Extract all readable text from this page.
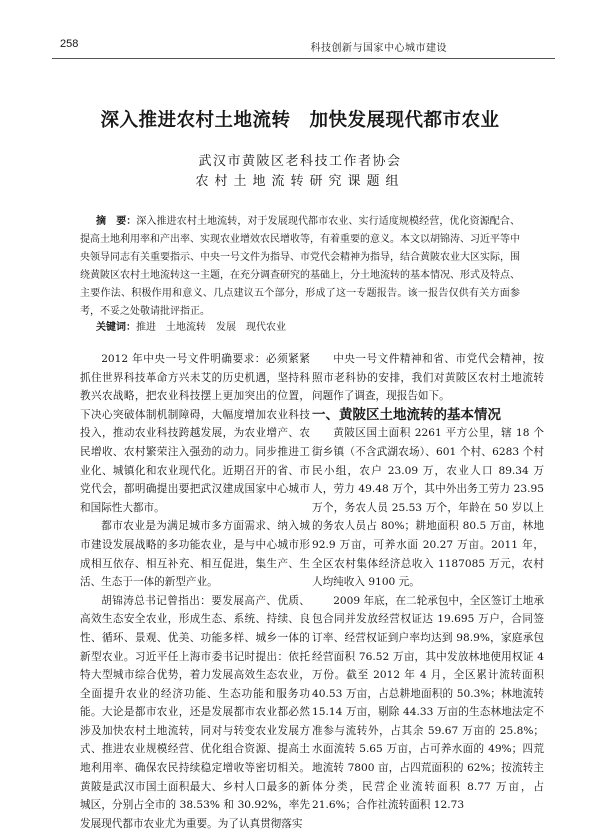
258	科技创新与国家中心城市建设
深入推进农村土地流转　加快发展现代都市农业
武汉市黄陂区老科技工作者协会
农村土地流转研究课题组
摘　要：深入推进农村土地流转，对于发展现代都市农业、实行适度规模经营，优化资源配合、提高土地利用率和产出率、实现农业增效农民增收等，有着重要的意义。本文以胡锦涛、习近平等中央领导同志有关重要指示、中央一号文件为指导、市党代会精神为指导，结合黄陂农业大区实际，围绕黄陂区农村土地流转这一主题，在充分调查研究的基础上，分土地流转的基本情况、形式及特点、主要作法、积极作用和意义、几点建议五个部分，形成了这一专题报告。该一报告仅供有关方面参考，不妥之处敬请批评指正。
关键词：推进　土地流转　发展　现代农业

2012 年中央一号文件明确要求：必须紧紧抓住世界科技革命方兴未艾的历史机遇，坚持科教兴农战略，把农业科技摆上更加突出的位置，下决心突破体制机制障碍，大幅度增加农业科技投入，推动农业科技跨越发展，为农业增产、农民增收、农村繁荣注入强劲的动力。同步推进工业化、城镇化和农业现代化。近期召开的省、市党代会，都明确提出要把武汉建成国家中心城市和国际性大都市。

都市农业是为满足城市多方面需求、纳入城市建设发展战略的多功能农业，是与中心城市形成相互依存、相互补充、相互促进，集生产、生活、生态于一体的新型产业。

胡锦涛总书记曾指出：要发展高产、优质、高效生态安全农业，形成生态、系统、持续、良性、循环、景观、优美、功能多样、城乡一体的新型农业。习近平任上海市委书记时提出：依托特大型城市综合优势，着力发展高效生态农业，全面提升农业的经济功能、生态功能和服务功能。大论是都市农业，还是发展都市农业都必然涉及加快农村土地流转，同对与转变农业发展方式、推进农业规模经营、优化组合资源、提高土地利用率、确保农民持续稳定增收等密切相关。黄陂是武汉市国土面积最大、乡村人口最多的新城区，分别占全市的 38.53% 和 30.92%，率先发展现代都市农业尤为重要。为了认真贯彻落实

中央一号文件精神和省、市党代会精神，按照市老科协的安排，我们对黄陂区农村土地流转问题作了调查，现报告如下。

一、黄陂区土地流转的基本情况

黄陂区国土面积 2261 平方公里，辖 18 个街乡镇（不含武湖农场）、601 个村、6283 个村民小组，农户 23.09 万，农业人口 89.34 万人，劳力 49.48 万个，其中外出务工劳力 23.95 万个，务农人员 25.53 万个，年龄在 50 岁以上的务农人员占 80%；耕地面积 80.5 万亩，林地 92.9 万亩，可养水面 20.27 万亩。2011 年，全区农村集体经济总收入 1187085 万元，农村人均纯收入 9100 元。

2009 年底，在二轮承包中，全区签订土地承包合同并发放经营权证达 19.695 万户，合同签订率、经营权证到户率均达到 98.9%，家庭承包经营面积 76.52 万亩，其中发放林地使用权证 4 万份。截至 2012 年 4 月，全区累计流转面积 40.53 万亩，占总耕地面积的 50.3%；林地流转 15.14 万亩，剔除 44.33 万亩的生态林地法定不准参与流转外，占其余 59.67 万亩的 25.8%；水面流转 5.65 万亩，占可养水面的 49%；四荒地流转 7800 亩，占四荒面积的 62%；按流转主体分类，民营企业流转面积 8.77 万亩，占 21.6%；合作社流转面积 12.73
